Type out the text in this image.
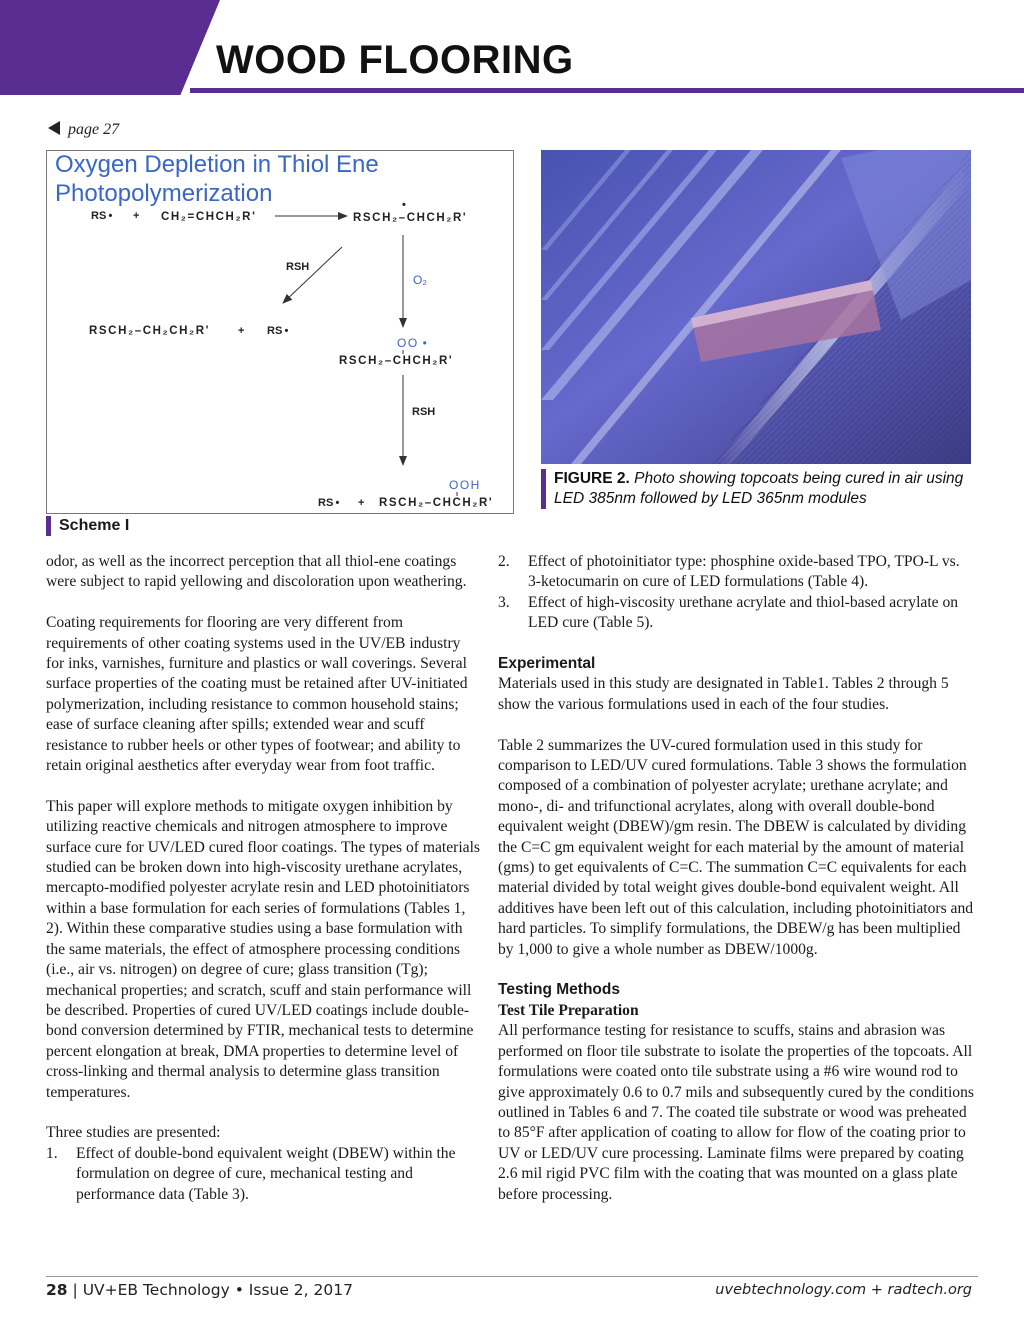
WOOD FLOORING
page 27
Oxygen Depletion in Thiol Ene
Photopolymerization
RS • + CH₂=CHCH₂R'
•
RSCH₂–CHCH₂R'
RSH
O₂
RSCH₂–CH₂CH₂R'	+ RS •
OO •
RSCH₂–CHCH₂R'
RSH
OOH
RS • + RSCH₂–CHCH₂R'
Scheme I
FIGURE 2. Photo showing topcoats being cured in air using LED 385nm followed by LED 365nm modules

odor, as well as the incorrect perception that all thiol-ene coatings were subject to rapid yellowing and discoloration upon weathering.

Coating requirements for flooring are very different from requirements of other coating systems used in the UV/EB industry for inks, varnishes, furniture and plastics or wall coverings. Several surface properties of the coating must be retained after UV-initiated polymerization, including resistance to common household stains; ease of surface cleaning after spills; extended wear and scuff resistance to rubber heels or other types of footwear; and ability to retain original aesthetics after everyday wear from foot traffic.

This paper will explore methods to mitigate oxygen inhibition by utilizing reactive chemicals and nitrogen atmosphere to improve surface cure for UV/LED cured floor coatings. The types of materials studied can be broken down into high-viscosity urethane acrylates, mercapto-modified polyester acrylate resin and LED photoinitiators within a base formulation for each series of formulations (Tables 1, 2). Within these comparative studies using a base formulation with the same materials, the effect of atmosphere processing conditions (i.e., air vs. nitrogen) on degree of cure; glass transition (Tg); mechanical properties; and scratch, scuff and stain performance will be described. Properties of cured UV/LED coatings include double-bond conversion determined by FTIR, mechanical tests to determine percent elongation at break, DMA properties to determine level of cross-linking and thermal analysis to determine glass transition temperatures.

Three studies are presented:

1. Effect of double-bond equivalent weight (DBEW) within the formulation on degree of cure, mechanical testing and performance data (Table 3).
2. Effect of photoinitiator type: phosphine oxide-based TPO, TPO-L vs. 3-ketocumarin on cure of LED formulations (Table 4).
3. Effect of high-viscosity urethane acrylate and thiol-based acrylate on LED cure (Table 5).
Experimental

Materials used in this study are designated in Table1. Tables 2 through 5 show the various formulations used in each of the four studies.

Table 2 summarizes the UV-cured formulation used in this study for comparison to LED/UV cured formulations. Table 3 shows the formulation composed of a combination of polyester acrylate; urethane acrylate; and mono-, di- and trifunctional acrylates, along with overall double-bond equivalent weight (DBEW)/gm resin. The DBEW is calculated by dividing the C=C gm equivalent weight for each material by the amount of material (gms) to get equivalents of C=C. The summation C=C equivalents for each material divided by total weight gives double-bond equivalent weight. All additives have been left out of this calculation, including photoinitiators and hard particles. To simplify formulations, the DBEW/g has been multiplied by 1,000 to give a whole number as DBEW/1000g.

Testing Methods
Test Tile Preparation

All performance testing for resistance to scuffs, stains and abrasion was performed on floor tile substrate to isolate the properties of the topcoats. All formulations were coated onto tile substrate using a #6 wire wound rod to give approximately 0.6 to 0.7 mils and subsequently cured by the conditions outlined in Tables 6 and 7. The coated tile substrate or wood was preheated to 85°F after application of coating to allow for flow of the coating prior to UV or LED/UV cure processing. Laminate films were prepared by coating 2.6 mil rigid PVC film with the coating that was mounted on a glass plate before processing.

28 | UV+EB Technology • Issue 2, 2017	uvebtechnology.com + radtech.org
